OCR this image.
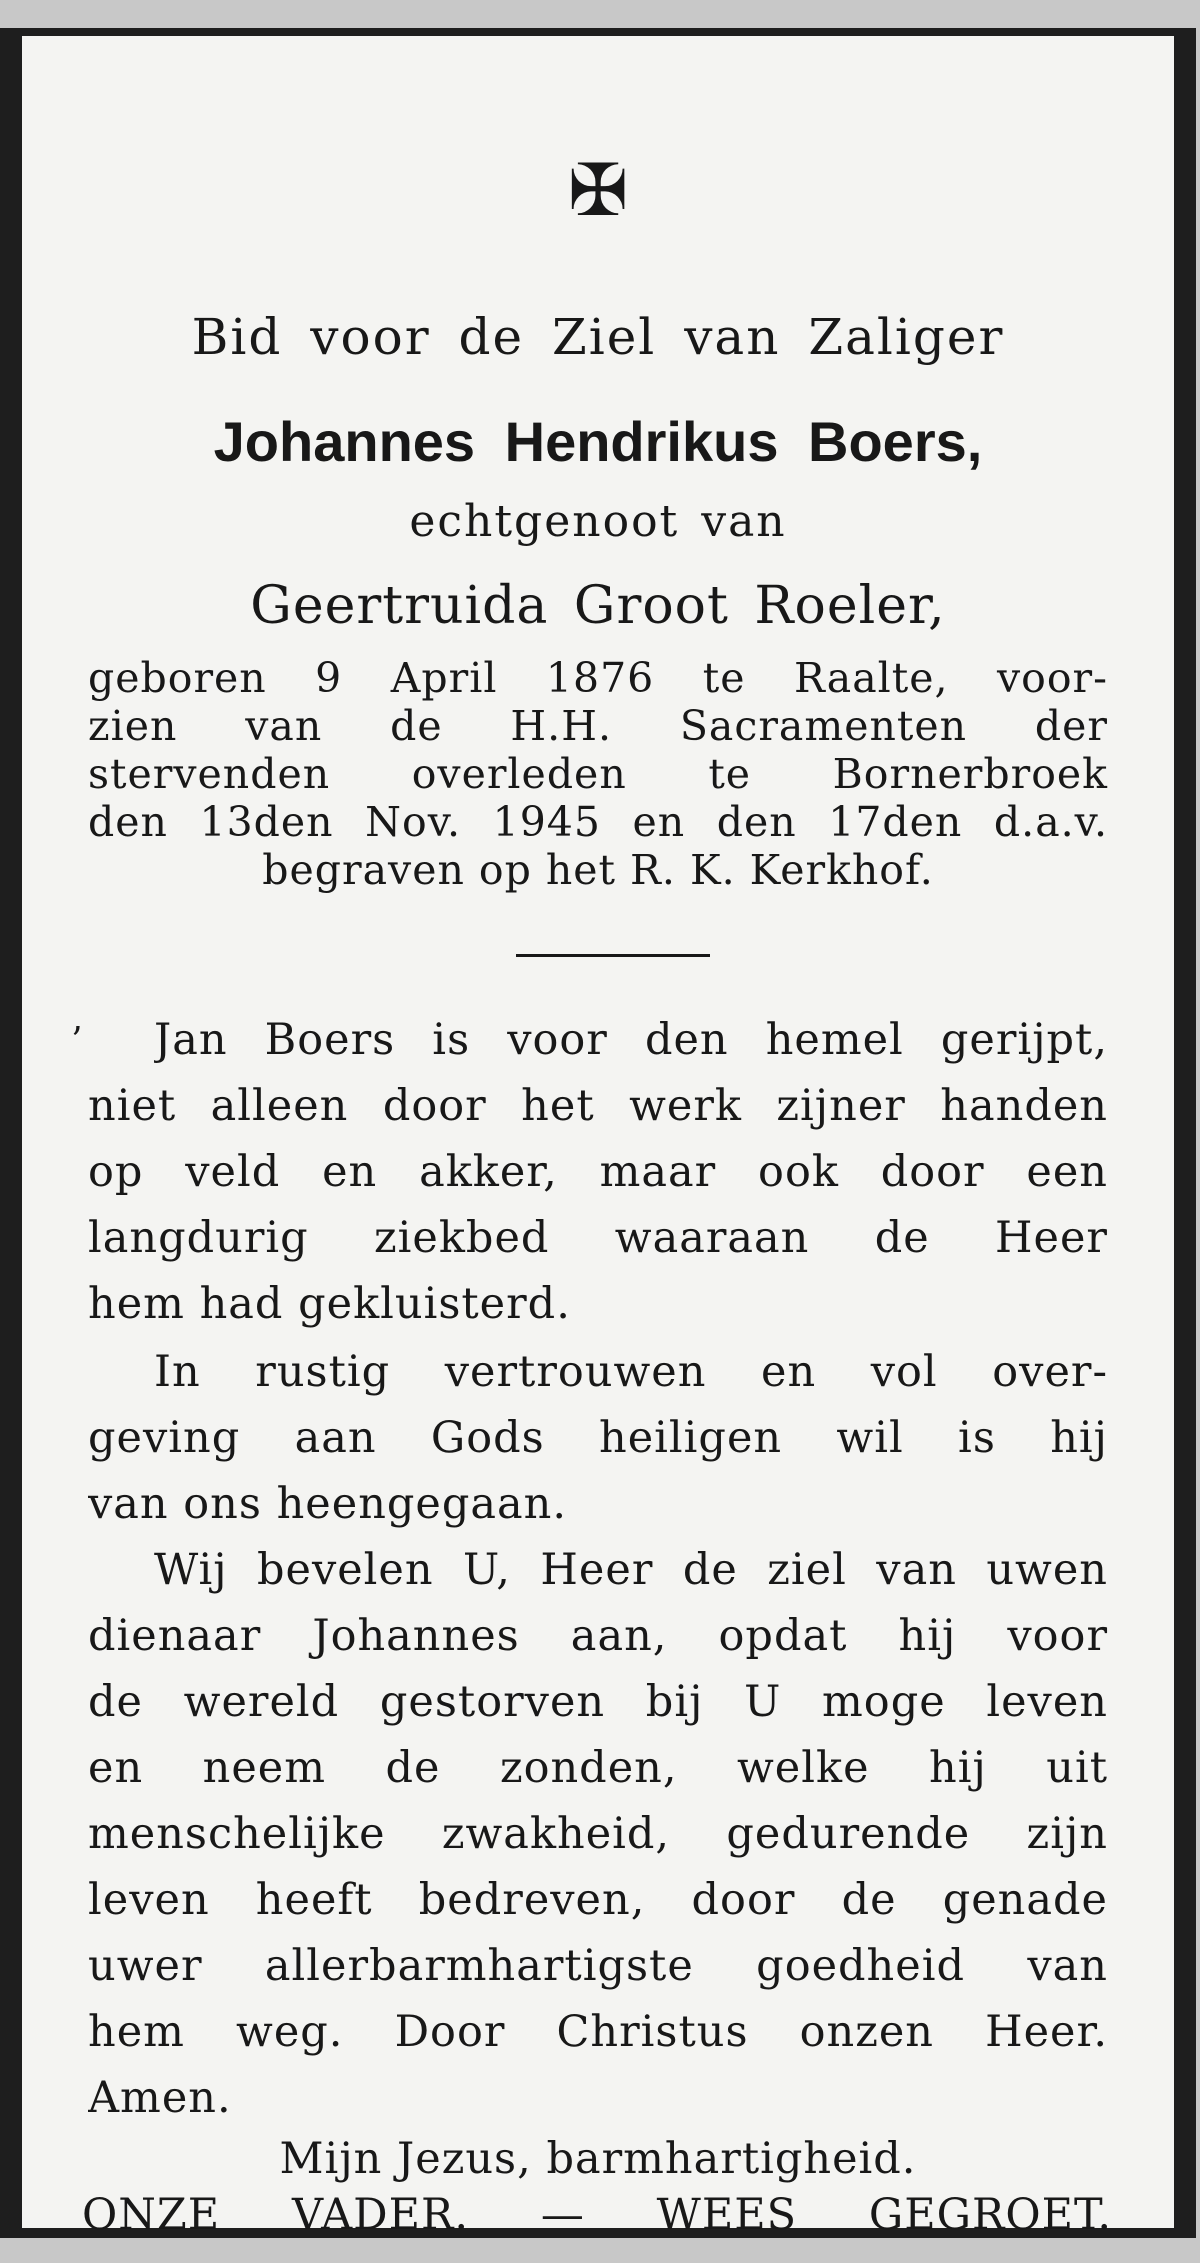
✠
Bid voor de Ziel van Zaliger
Johannes Hendrikus Boers,
echtgenoot van
Geertruida Groot Roeler,
geboren 9 April 1876 te Raalte, voor-
zien van de H.H. Sacramenten der
stervenden overleden te Bornerbroek
den 13den Nov. 1945 en den 17den d.a.v.
begraven op het R. K. Kerkhof.
ʼ Jan Boers is voor den hemel gerijpt,
niet alleen door het werk zijner handen
op veld en akker, maar ook door een
langdurig ziekbed waaraan de Heer
hem had gekluisterd.
In rustig vertrouwen en vol over-
geving aan Gods heiligen wil is hij
van ons heengegaan.
Wij bevelen U, Heer de ziel van uwen
dienaar Johannes aan, opdat hij voor
de wereld gestorven bij U moge leven
en neem de zonden, welke hij uit
menschelijke zwakheid, gedurende zijn
leven heeft bedreven, door de genade
uwer allerbarmhartigste goedheid van
hem weg. Door Christus onzen Heer.
Amen.
Mijn Jezus, barmhartigheid.
ONZE VADER. — WEES GEGROET.
